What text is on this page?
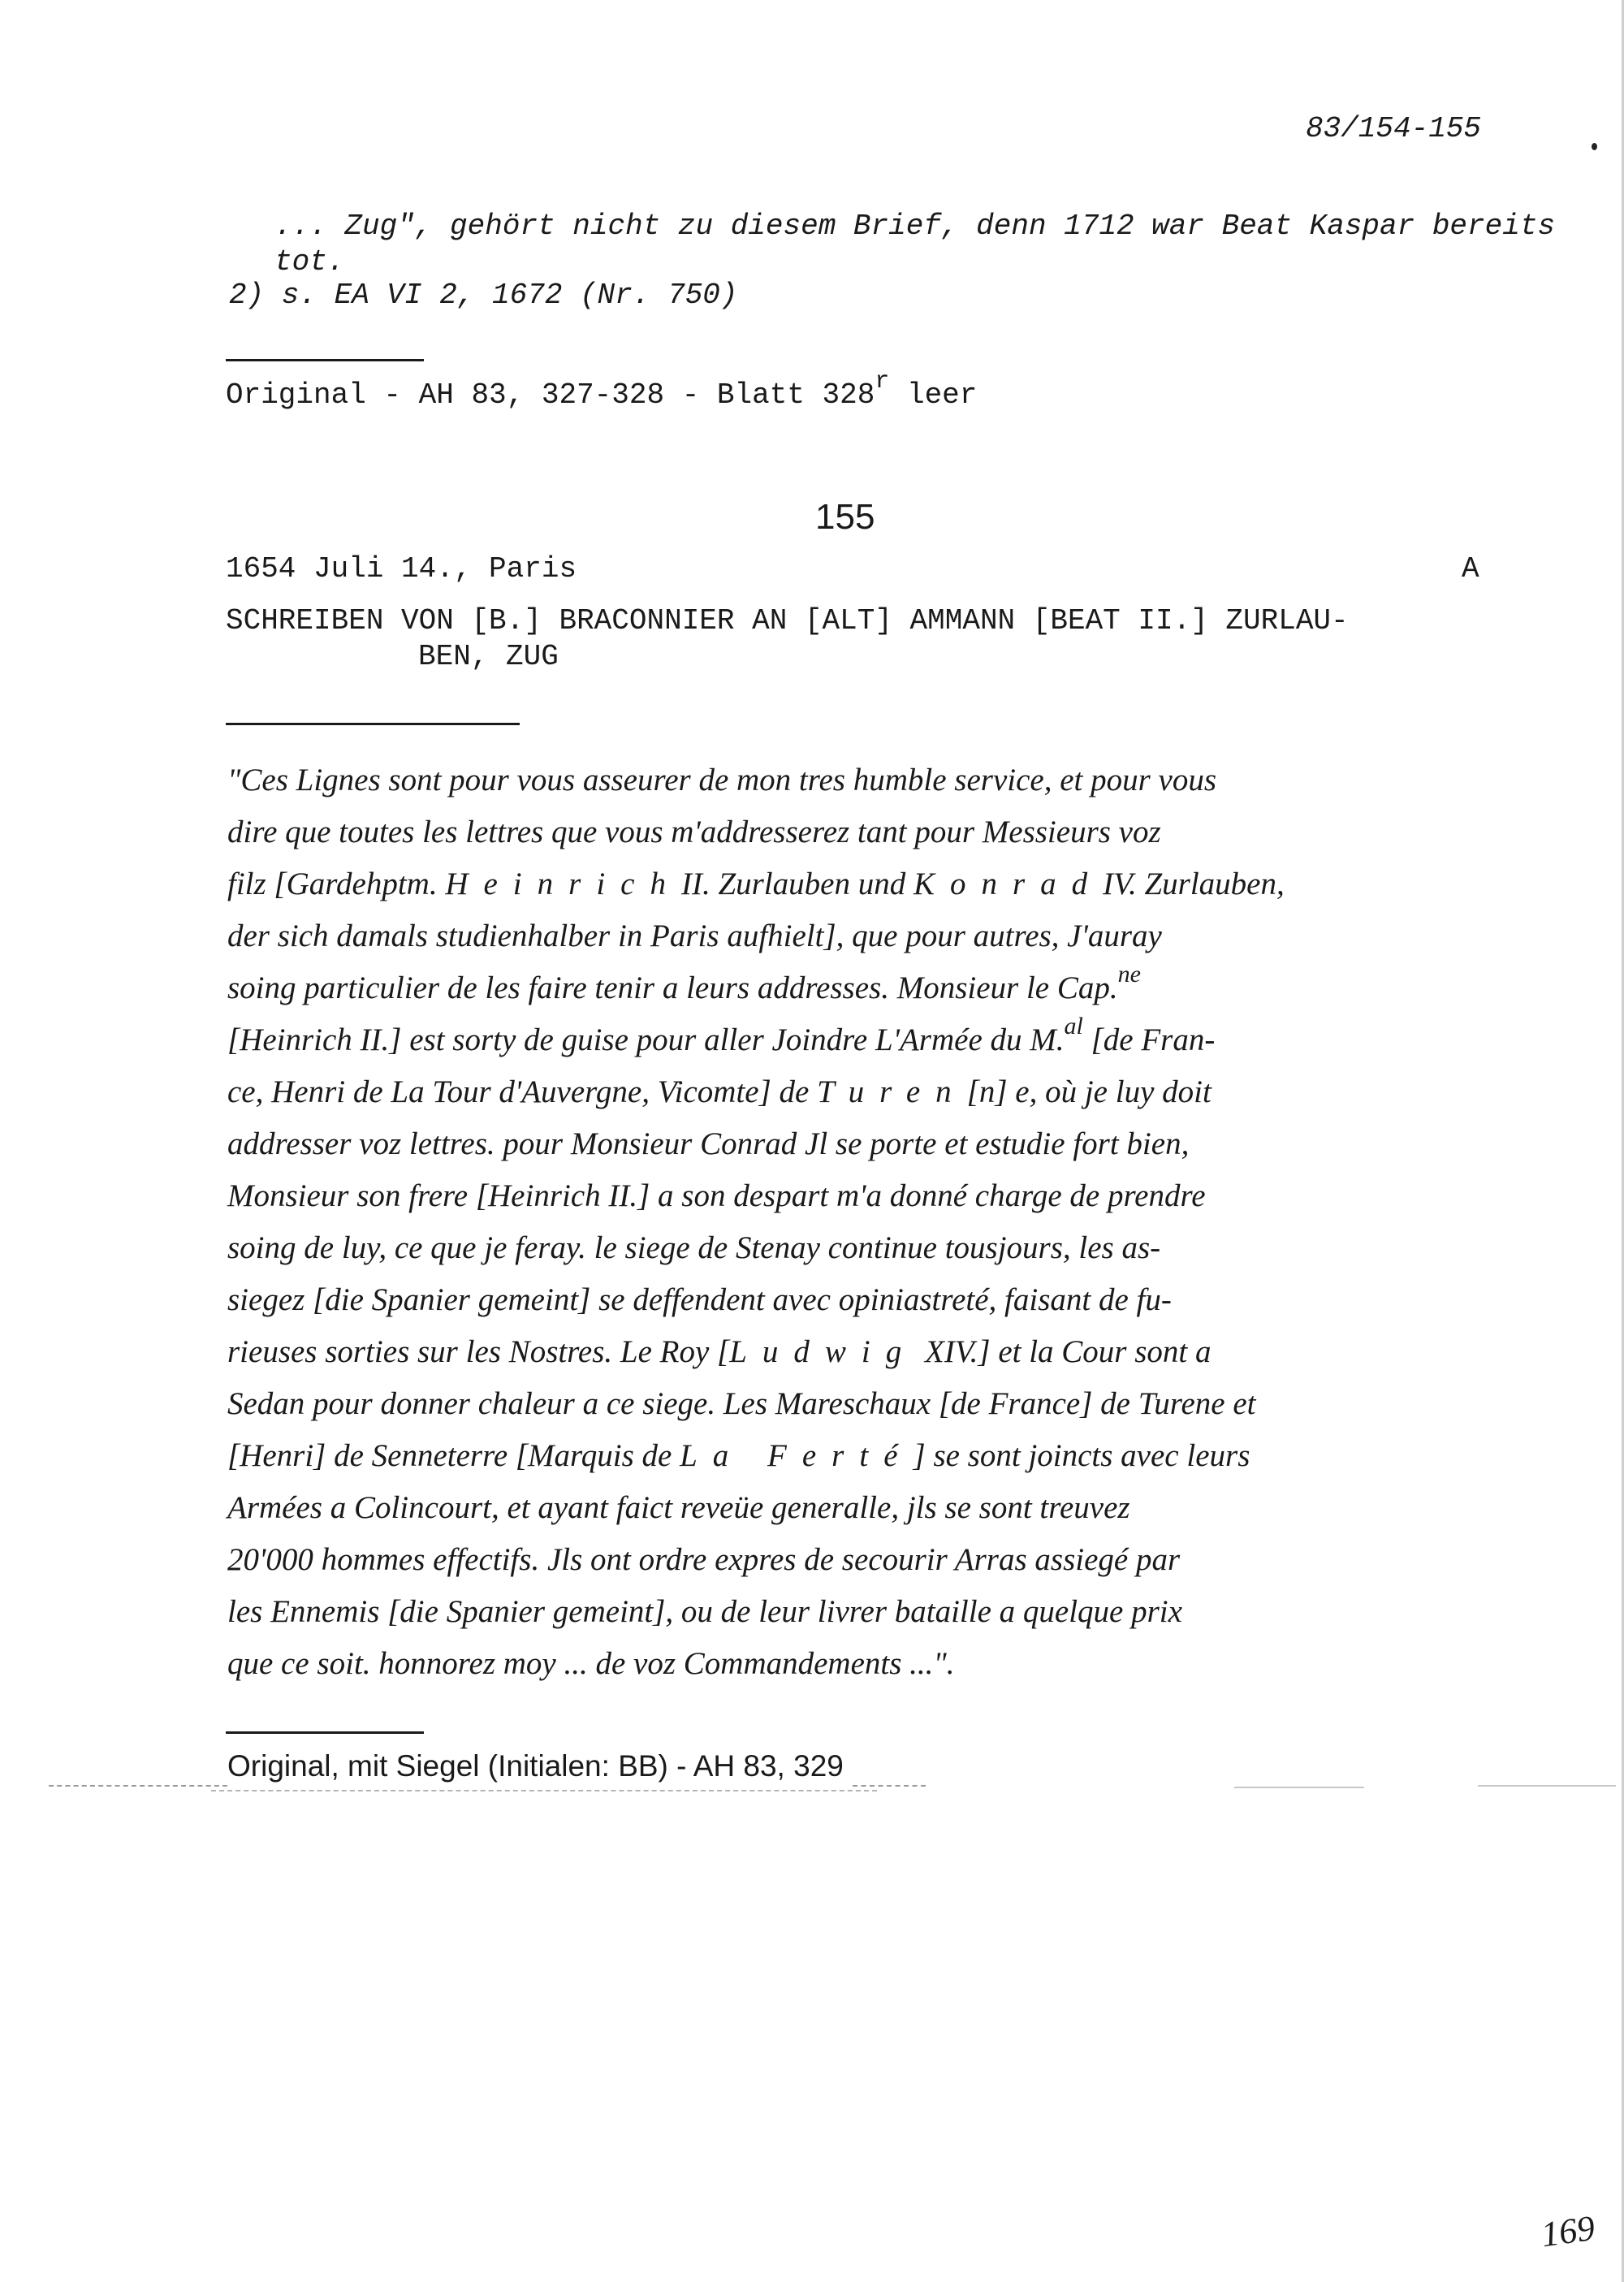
83/154-155
... Zug", gehört nicht zu diesem Brief, denn 1712 war Beat Kaspar bereits
tot.
2) s. EA VI 2, 1672 (Nr. 750)
Original - AH 83, 327-328 - Blatt 328$^r$ leer
155
1654 Juli 14., Paris	A
SCHREIBEN VON [B.] BRACONNIER AN [ALT] AMMANN [BEAT II.] ZURLAU-
BEN, ZUG
"Ces Lignes sont pour vous asseurer de mon tres humble service, et pour vous
dire que toutes les lettres que vous m'addresserez tant pour Messieurs voz
filz [Gardehptm. HeinrichII. Zurlauben und KonradIV. Zurlauben,
der sich damals studienhalber in Paris aufhielt], que pour autres, J'auray
soing particulier de les faire tenir a leurs addresses. Monsieur le Cap.$^{ne}$
[Heinrich II.] est sorty de guise pour aller Joindre L'Armée du M.$^{al}$ [de Fran-
ce, Henri de La Tour d'Auvergne, Vicomte] de Turen[n] e, où je luy doit
addresser voz lettres. pour Monsieur Conrad Jl se porte et estudie fort bien,
Monsieur son frere [Heinrich II.] a son despart m'a donné charge de prendre
soing de luy, ce que je feray. le siege de Stenay continue tousjours, les as-
siegez [die Spanier gemeint] se deffendent avec opiniastreté, faisant de fu-
rieuses sorties sur les Nostres. Le Roy [Ludwig XIV.] et la Cour sont a
Sedan pour donner chaleur a ce siege. Les Mareschaux [de France] de Turene et
[Henri] de Senneterre [Marquis de La Ferté] se sont joincts avec leurs
Armées a Colincourt, et ayant faict reveüe generalle, jls se sont treuvez
20'000 hommes effectifs. Jls ont ordre expres de secourir Arras assiegé par
les Ennemis [die Spanier gemeint], ou de leur livrer bataille a quelque prix
que ce soit. honnorez moy ... de voz Commandements ...".
Original, mit Siegel (Initialen: BB) - AH 83, 329
169
